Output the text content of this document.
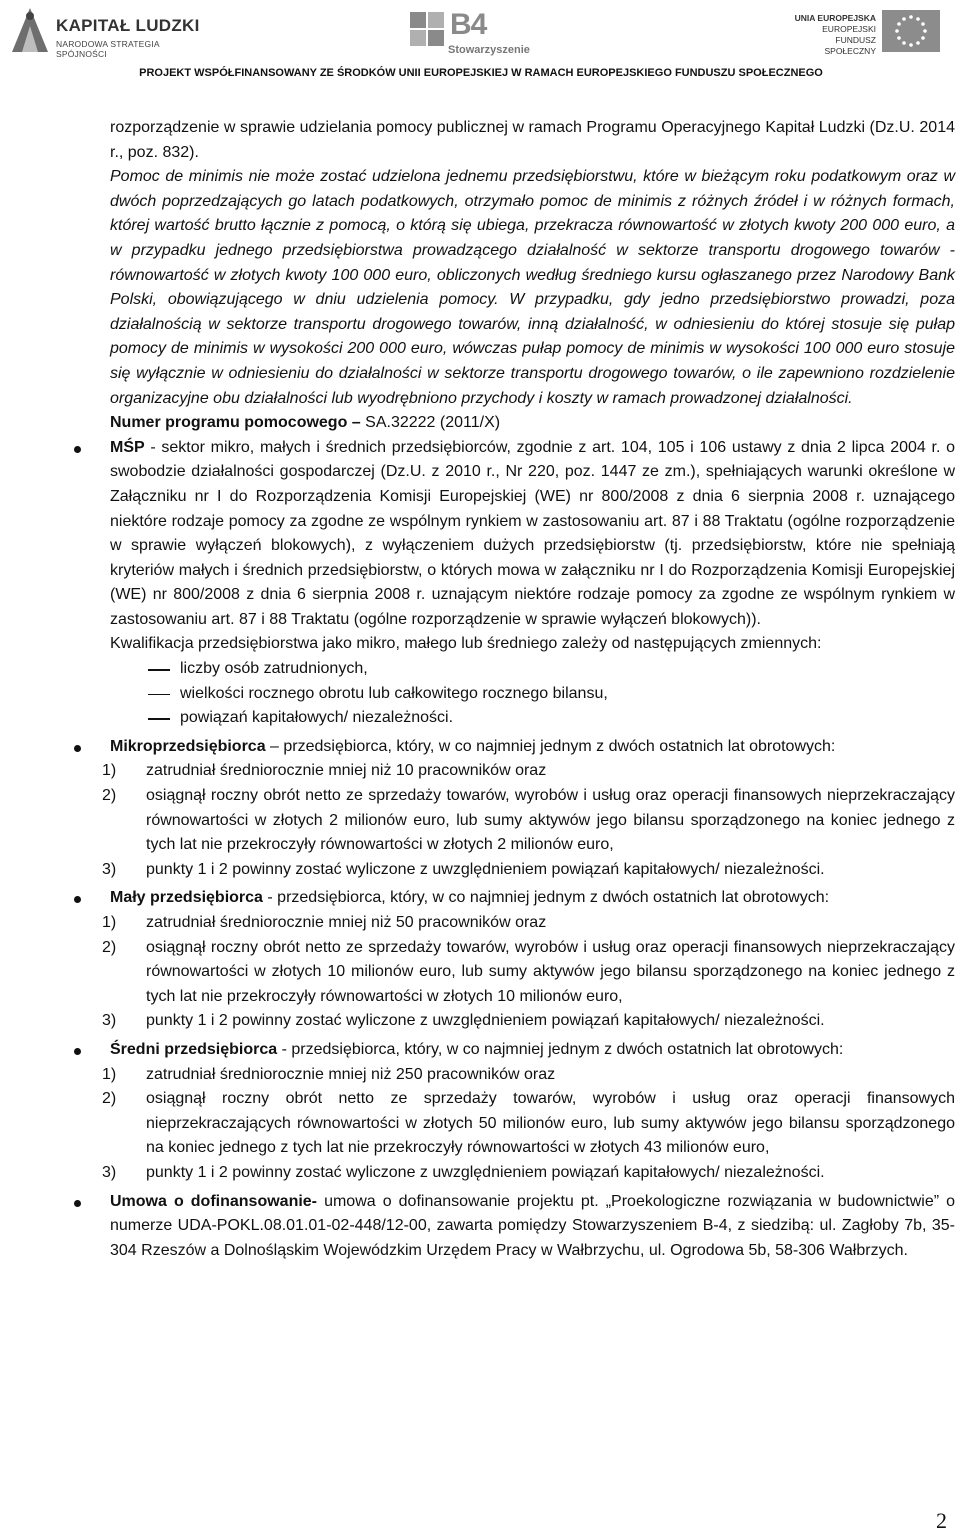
KAPITAŁ LUDZKI
NARODOWA STRATEGIA SPÓJNOŚCI
B4
Stowarzyszenie
UNIA EUROPEJSKA
EUROPEJSKI
FUNDUSZ SPOŁECZNY
PROJEKT WSPÓŁFINANSOWANY ZE ŚRODKÓW UNII EUROPEJSKIEJ W RAMACH EUROPEJSKIEGO FUNDUSZU SPOŁECZNEGO

rozporządzenie w sprawie udzielania pomocy publicznej w ramach Programu Operacyjnego Kapitał Ludzki (Dz.U. 2014 r., poz. 832).

Pomoc de minimis nie może zostać udzielona jednemu przedsiębiorstwu, które w bieżącym roku podatkowym oraz w dwóch poprzedzających go latach podatkowych, otrzymało pomoc de minimis z różnych źródeł i w różnych formach, której wartość brutto łącznie z pomocą, o którą się ubiega, przekracza równowartość w złotych kwoty 200 000 euro, a w przypadku jednego przedsiębiorstwa prowadzącego działalność w sektorze transportu drogowego towarów - równowartość w złotych kwoty 100 000 euro, obliczonych według średniego kursu ogłaszanego przez Narodowy Bank Polski, obowiązującego w dniu udzielenia pomocy. W przypadku, gdy jedno przedsiębiorstwo prowadzi, poza działalnością w sektorze transportu drogowego towarów, inną działalność, w odniesieniu do której stosuje się pułap pomocy de minimis w wysokości 200 000 euro, wówczas pułap pomocy de minimis w wysokości 100 000 euro stosuje się wyłącznie w odniesieniu do działalności w sektorze transportu drogowego towarów, o ile zapewniono rozdzielenie organizacyjne obu działalności lub wyodrębniono przychody i koszty w ramach prowadzonej działalności.

Numer programu pomocowego – SA.32222 (2011/X)

MŚP - sektor mikro, małych i średnich przedsiębiorców, zgodnie z art. 104, 105 i 106 ustawy z dnia 2 lipca 2004 r. o swobodzie działalności gospodarczej (Dz.U. z 2010 r., Nr 220, poz. 1447 ze zm.), spełniających warunki określone w Załączniku nr I do Rozporządzenia Komisji Europejskiej (WE) nr 800/2008 z dnia 6 sierpnia 2008 r. uznającego niektóre rodzaje pomocy za zgodne ze wspólnym rynkiem w zastosowaniu art. 87 i 88 Traktatu (ogólne rozporządzenie w sprawie wyłączeń blokowych), z wyłączeniem dużych przedsiębiorstw (tj. przedsiębiorstw, które nie spełniają kryteriów małych i średnich przedsiębiorstw, o których mowa w załączniku nr I do Rozporządzenia Komisji Europejskiej (WE) nr 800/2008 z dnia 6 sierpnia 2008 r. uznającym niektóre rodzaje pomocy za zgodne ze wspólnym rynkiem w zastosowaniu art. 87 i 88 Traktatu (ogólne rozporządzenie w sprawie wyłączeń blokowych)).

Kwalifikacja przedsiębiorstwa jako mikro, małego lub średniego zależy od następujących zmiennych:

liczby osób zatrudnionych,
wielkości rocznego obrotu lub całkowitego rocznego bilansu,
powiązań kapitałowych/ niezależności.

Mikroprzedsiębiorca – przedsiębiorca, który, w co najmniej jednym z dwóch ostatnich lat obrotowych:

1) zatrudniał średniorocznie mniej niż 10 pracowników oraz
2) osiągnął roczny obrót netto ze sprzedaży towarów, wyrobów i usług oraz operacji finansowych nieprzekraczający równowartości w złotych 2 milionów euro, lub sumy aktywów jego bilansu sporządzonego na koniec jednego z tych lat nie przekroczyły równowartości w złotych 2 milionów euro,
3) punkty 1 i 2 powinny zostać wyliczone z uwzględnieniem powiązań kapitałowych/ niezależności.

Mały przedsiębiorca - przedsiębiorca, który, w co najmniej jednym z dwóch ostatnich lat obrotowych:

1) zatrudniał średniorocznie mniej niż 50 pracowników oraz
2) osiągnął roczny obrót netto ze sprzedaży towarów, wyrobów i usług oraz operacji finansowych nieprzekraczający równowartości w złotych 10 milionów euro, lub sumy aktywów jego bilansu sporządzonego na koniec jednego z tych lat nie przekroczyły równowartości w złotych 10 milionów euro,
3) punkty 1 i 2 powinny zostać wyliczone z uwzględnieniem powiązań kapitałowych/ niezależności.

Średni przedsiębiorca - przedsiębiorca, który, w co najmniej jednym z dwóch ostatnich lat obrotowych:

1) zatrudniał średniorocznie mniej niż 250 pracowników oraz
2) osiągnął roczny obrót netto ze sprzedaży towarów, wyrobów i usług oraz operacji finansowych nieprzekraczających równowartości w złotych 50 milionów euro, lub sumy aktywów jego bilansu sporządzonego na koniec jednego z tych lat nie przekroczyły równowartości w złotych 43 milionów euro,
3) punkty 1 i 2 powinny zostać wyliczone z uwzględnieniem powiązań kapitałowych/ niezależności.

Umowa o dofinansowanie- umowa o dofinansowanie projektu pt. „Proekologiczne rozwiązania w budownictwie” o numerze UDA-POKL.08.01.01-02-448/12-00, zawarta pomiędzy Stowarzyszeniem B-4, z siedzibą: ul. Zagłoby 7b, 35-304 Rzeszów a Dolnośląskim Wojewódzkim Urzędem Pracy w Wałbrzychu, ul. Ogrodowa 5b, 58-306 Wałbrzych.

2
